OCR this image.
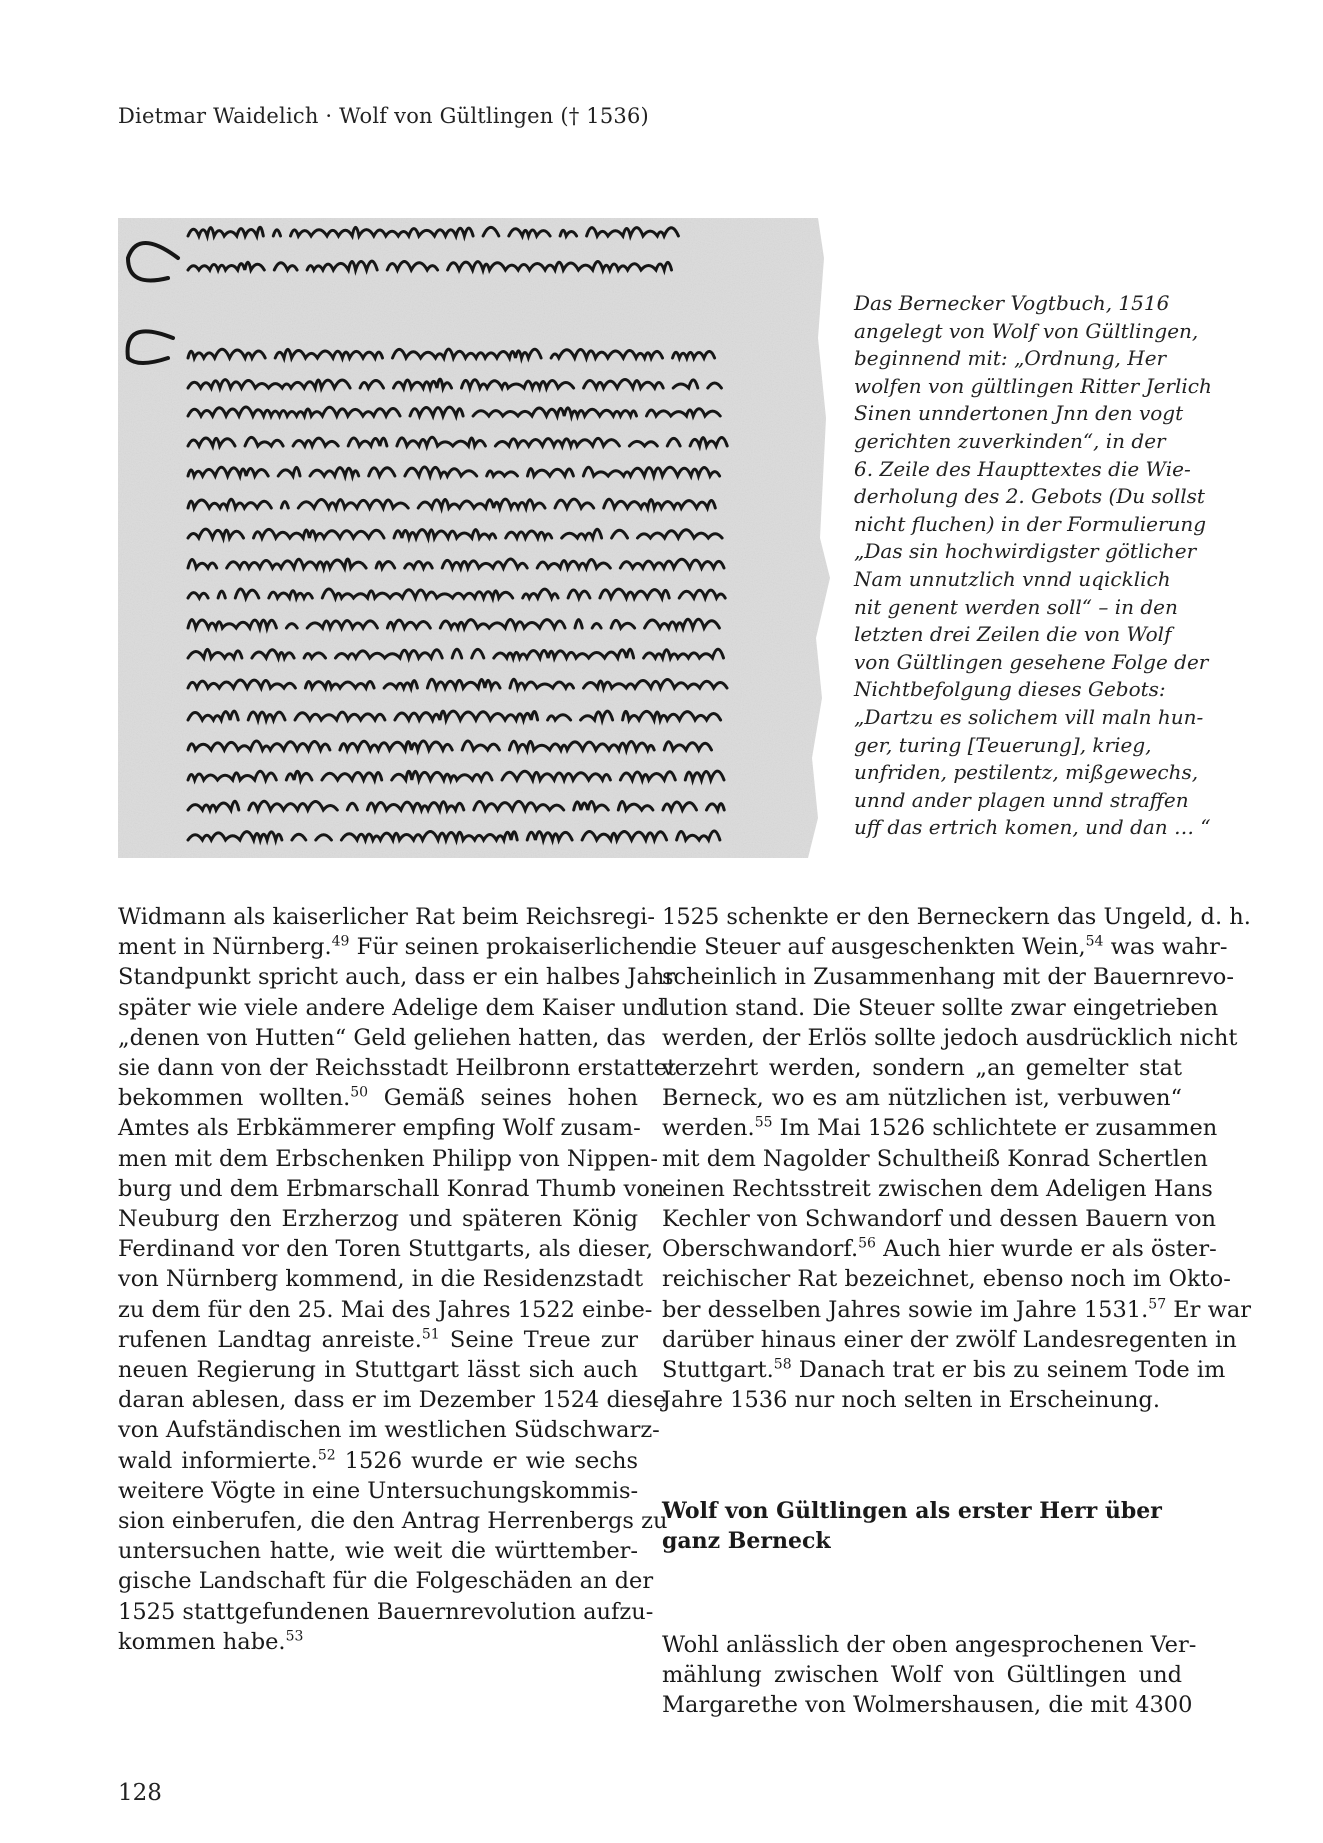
Dietmar Waidelich · Wolf von Gültlingen († 1536)
Das Bernecker Vogtbuch, 1516
angelegt von Wolf von Gültlingen,
beginnend mit: „Ordnung, Her
wolfen von gültlingen Ritter Jerlich
Sinen unndertonen Jnn den vogt
gerichten zuverkinden“, in der
6. Zeile des Haupttextes die Wie-
derholung des 2. Gebots (Du sollst
nicht fluchen) in der Formulierung
„Das sin hochwirdigster götlicher
Nam unnutzlich vnnd uqicklich
nit genent werden soll“ – in den
letzten drei Zeilen die von Wolf
von Gültlingen gesehene Folge der
Nichtbefolgung dieses Gebots:
„Dartzu es solichem vill maln hun-
ger, turing [Teuerung], krieg,
unfriden, pestilentz, mißgewechs,
unnd ander plagen unnd straffen
uff das ertrich komen, und dan … “
Widmann als kaiserlicher Rat beim Reichsregi-
ment in Nürnberg.$^{49}$ Für seinen prokaiserlichen
Standpunkt spricht auch, dass er ein halbes Jahr
später wie viele andere Adelige dem Kaiser und
„denen von Hutten“ Geld geliehen hatten, das
sie dann von der Reichsstadt Heilbronn erstattet
bekommen wollten.$^{50}$ Gemäß seines hohen
Amtes als Erbkämmerer empfing Wolf zusam-
men mit dem Erbschenken Philipp von Nippen-
burg und dem Erbmarschall Konrad Thumb von
Neuburg den Erzherzog und späteren König
Ferdinand vor den Toren Stuttgarts, als dieser,
von Nürnberg kommend, in die Residenzstadt
zu dem für den 25. Mai des Jahres 1522 einbe-
rufenen Landtag anreiste.$^{51}$ Seine Treue zur
neuen Regierung in Stuttgart lässt sich auch
daran ablesen, dass er im Dezember 1524 diese
von Aufständischen im westlichen Südschwarz-
wald informierte.$^{52}$ 1526 wurde er wie sechs
weitere Vögte in eine Untersuchungskommis-
sion einberufen, die den Antrag Herrenbergs zu
untersuchen hatte, wie weit die württember-
gische Landschaft für die Folgeschäden an der
1525 stattgefundenen Bauernrevolution aufzu-
kommen habe.$^{53}$
1525 schenkte er den Berneckern das Ungeld, d. h.
die Steuer auf ausgeschenkten Wein,$^{54}$ was wahr-
scheinlich in Zusammenhang mit der Bauernrevo-
lution stand. Die Steuer sollte zwar eingetrieben
werden, der Erlös sollte jedoch ausdrücklich nicht
verzehrt werden, sondern „an gemelter stat
Berneck, wo es am nützlichen ist, verbuwen“
werden.$^{55}$ Im Mai 1526 schlichtete er zusammen
mit dem Nagolder Schultheiß Konrad Schertlen
einen Rechtsstreit zwischen dem Adeligen Hans
Kechler von Schwandorf und dessen Bauern von
Oberschwandorf.$^{56}$ Auch hier wurde er als öster-
reichischer Rat bezeichnet, ebenso noch im Okto-
ber desselben Jahres sowie im Jahre 1531.57 Er war
darüber hinaus einer der zwölf Landesregenten in
Stuttgart.$^{58}$ Danach trat er bis zu seinem Tode im
Jahre 1536 nur noch selten in Erscheinung.
Wolf von Gültlingen als erster Herr über
ganz Berneck
Wohl anlässlich der oben angesprochenen Ver-
mählung zwischen Wolf von Gültlingen und
Margarethe von Wolmershausen, die mit 4300
128
